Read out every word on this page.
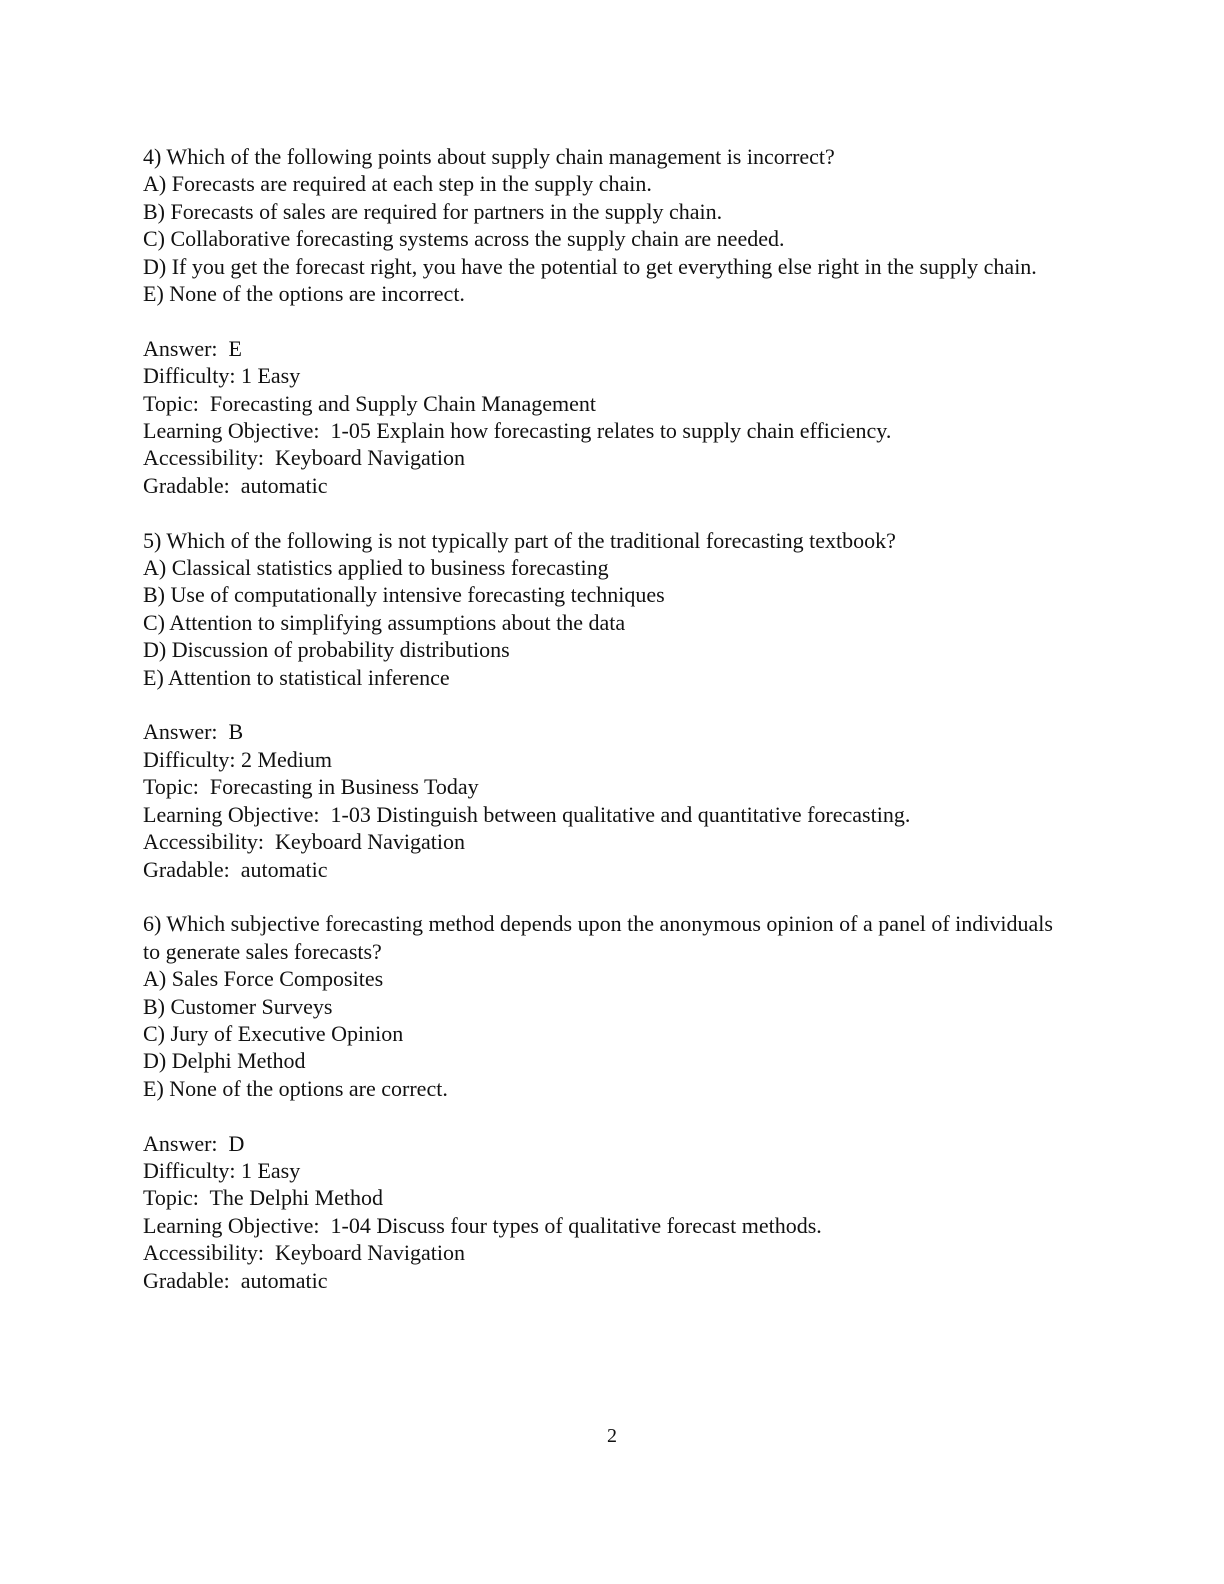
4) Which of the following points about supply chain management is incorrect?
A) Forecasts are required at each step in the supply chain.
B) Forecasts of sales are required for partners in the supply chain.
C) Collaborative forecasting systems across the supply chain are needed.
D) If you get the forecast right, you have the potential to get everything else right in the supply chain.
E) None of the options are incorrect.
Answer:  E
Difficulty: 1 Easy
Topic:  Forecasting and Supply Chain Management
Learning Objective:  1-05 Explain how forecasting relates to supply chain efficiency.
Accessibility:  Keyboard Navigation
Gradable:  automatic
5) Which of the following is not typically part of the traditional forecasting textbook?
A) Classical statistics applied to business forecasting
B) Use of computationally intensive forecasting techniques
C) Attention to simplifying assumptions about the data
D) Discussion of probability distributions
E) Attention to statistical inference
Answer:  B
Difficulty: 2 Medium
Topic:  Forecasting in Business Today
Learning Objective:  1-03 Distinguish between qualitative and quantitative forecasting.
Accessibility:  Keyboard Navigation
Gradable:  automatic
6) Which subjective forecasting method depends upon the anonymous opinion of a panel of individuals to generate sales forecasts?
A) Sales Force Composites
B) Customer Surveys
C) Jury of Executive Opinion
D) Delphi Method
E) None of the options are correct.
Answer:  D
Difficulty: 1 Easy
Topic:  The Delphi Method
Learning Objective:  1-04 Discuss four types of qualitative forecast methods.
Accessibility:  Keyboard Navigation
Gradable:  automatic
2
